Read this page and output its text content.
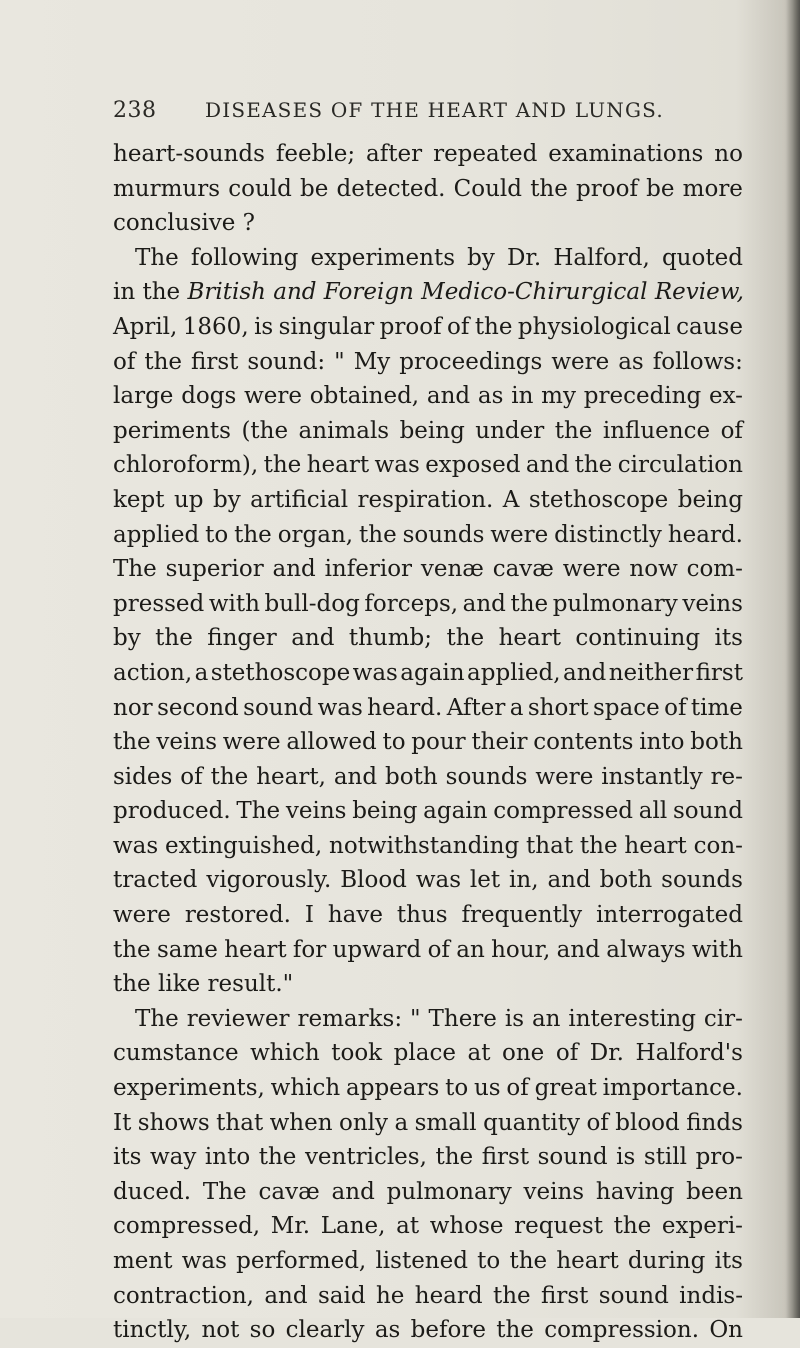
238	DISEASES OF THE HEART AND LUNGS.
heart-sounds feeble; after repeated examinations no
murmurs could be detected. Could the proof be more
conclusive ?
The following experiments by Dr. Halford, quoted
in the British and Foreign Medico-Chirurgical Review,
April, 1860, is singular proof of the physiological cause
of the first sound: " My proceedings were as follows:
large dogs were obtained, and as in my preceding ex-
periments (the animals being under the influence of
chloroform), the heart was exposed and the circulation
kept up by artificial respiration. A stethoscope being
applied to the organ, the sounds were distinctly heard.
The superior and inferior venæ cavæ were now com-
pressed with bull-dog forceps, and the pulmonary veins
by the finger and thumb; the heart continuing its
action, a stethoscope was again applied, and neither first
nor second sound was heard. After a short space of time
the veins were allowed to pour their contents into both
sides of the heart, and both sounds were instantly re-
produced. The veins being again compressed all sound
was extinguished, notwithstanding that the heart con-
tracted vigorously. Blood was let in, and both sounds
were restored. I have thus frequently interrogated
the same heart for upward of an hour, and always with
the like result."
The reviewer remarks: " There is an interesting cir-
cumstance which took place at one of Dr. Halford's
experiments, which appears to us of great importance.
It shows that when only a small quantity of blood finds
its way into the ventricles, the first sound is still pro-
duced. The cavæ and pulmonary veins having been
compressed, Mr. Lane, at whose request the experi-
ment was performed, listened to the heart during its
contraction, and said he heard the first sound indis-
tinctly, not so clearly as before the compression. On
